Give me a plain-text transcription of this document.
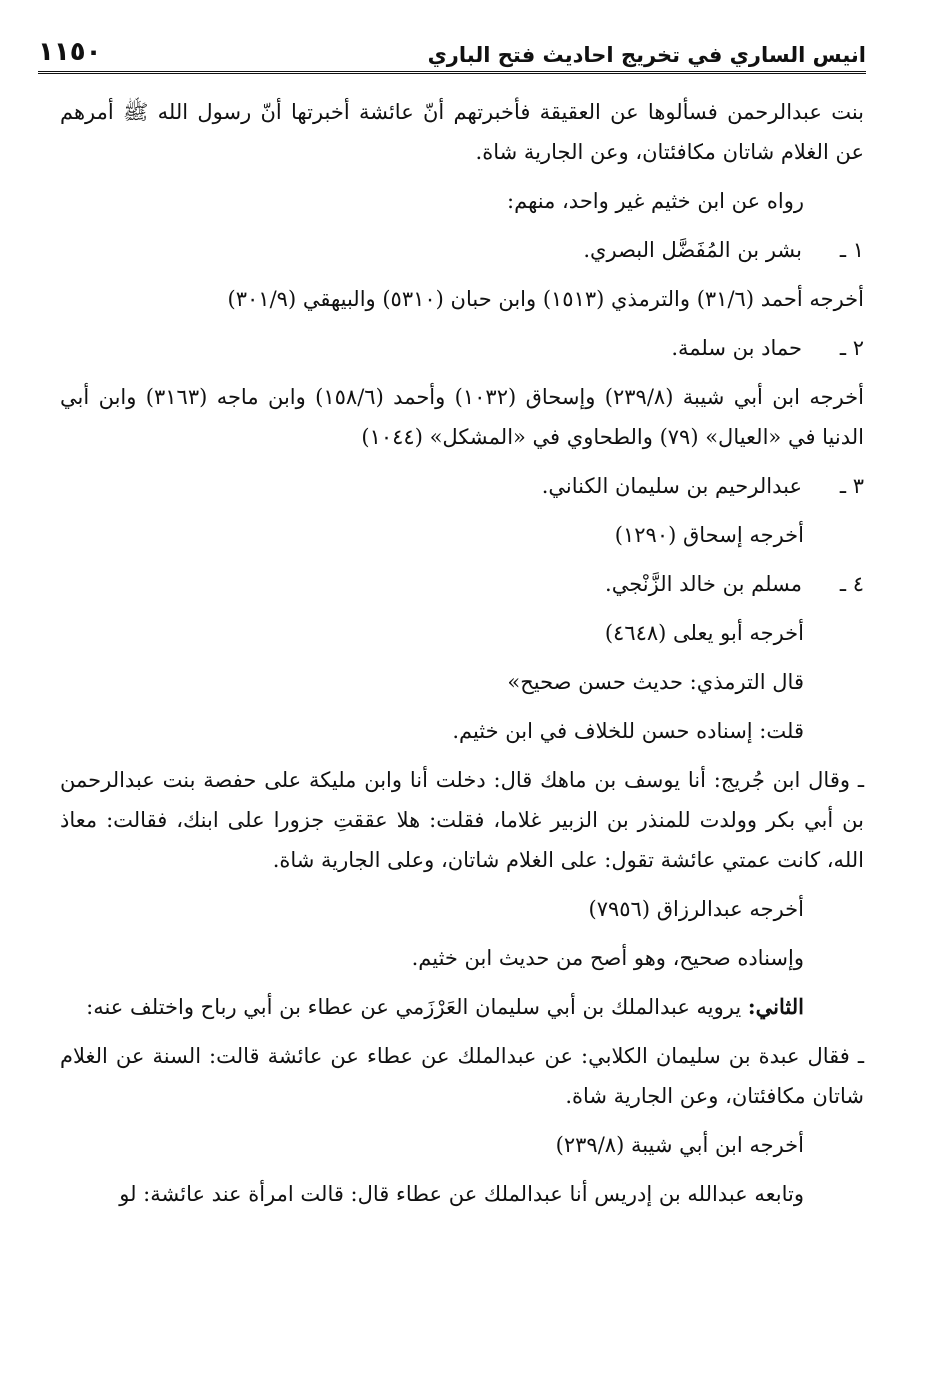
انيس الساري في تخريج احاديث فتح الباري
١١٥٠

بنت عبدالرحمن فسألوها عن العقيقة فأخبرتهم أنّ عائشة أخبرتها أنّ رسول الله ﷺ أمرهم عن الغلام شاتان مكافئتان، وعن الجارية شاة.

رواه عن ابن خثيم غير واحد، منهم:

١ ـبشر بن المُفَضَّل البصري.

أخرجه أحمد (٣١/٦) والترمذي (١٥١٣) وابن حبان (٥٣١٠) والبيهقي (٣٠١/٩)

٢ ـحماد بن سلمة.

أخرجه ابن أبي شيبة (٢٣٩/٨) وإسحاق (١٠٣٢) وأحمد (١٥٨/٦) وابن ماجه (٣١٦٣) وابن أبي الدنيا في «العيال» (٧٩) والطحاوي في «المشكل» (١٠٤٤)

٣ ـعبدالرحيم بن سليمان الكناني.

أخرجه إسحاق (١٢٩٠)

٤ ـمسلم بن خالد الزَّنْجي.

أخرجه أبو يعلى (٤٦٤٨)

قال الترمذي: حديث حسن صحيح»

قلت: إسناده حسن للخلاف في ابن خثيم.

ـ وقال ابن جُريج: أنا يوسف بن ماهك قال: دخلت أنا وابن مليكة على حفصة بنت عبدالرحمن بن أبي بكر وولدت للمنذر بن الزبير غلاما، فقلت: هلا عققتِ جزورا على ابنك، فقالت: معاذ الله، كانت عمتي عائشة تقول: على الغلام شاتان، وعلى الجارية شاة.

أخرجه عبدالرزاق (٧٩٥٦)

وإسناده صحيح، وهو أصح من حديث ابن خثيم.

الثاني: يرويه عبدالملك بن أبي سليمان العَرْزَمي عن عطاء بن أبي رباح واختلف عنه:

ـ فقال عبدة بن سليمان الكلابي: عن عبدالملك عن عطاء عن عائشة قالت: السنة عن الغلام شاتان مكافئتان، وعن الجارية شاة.

أخرجه ابن أبي شيبة (٢٣٩/٨)

وتابعه عبدالله بن إدريس أنا عبدالملك عن عطاء قال: قالت امرأة عند عائشة: لو
